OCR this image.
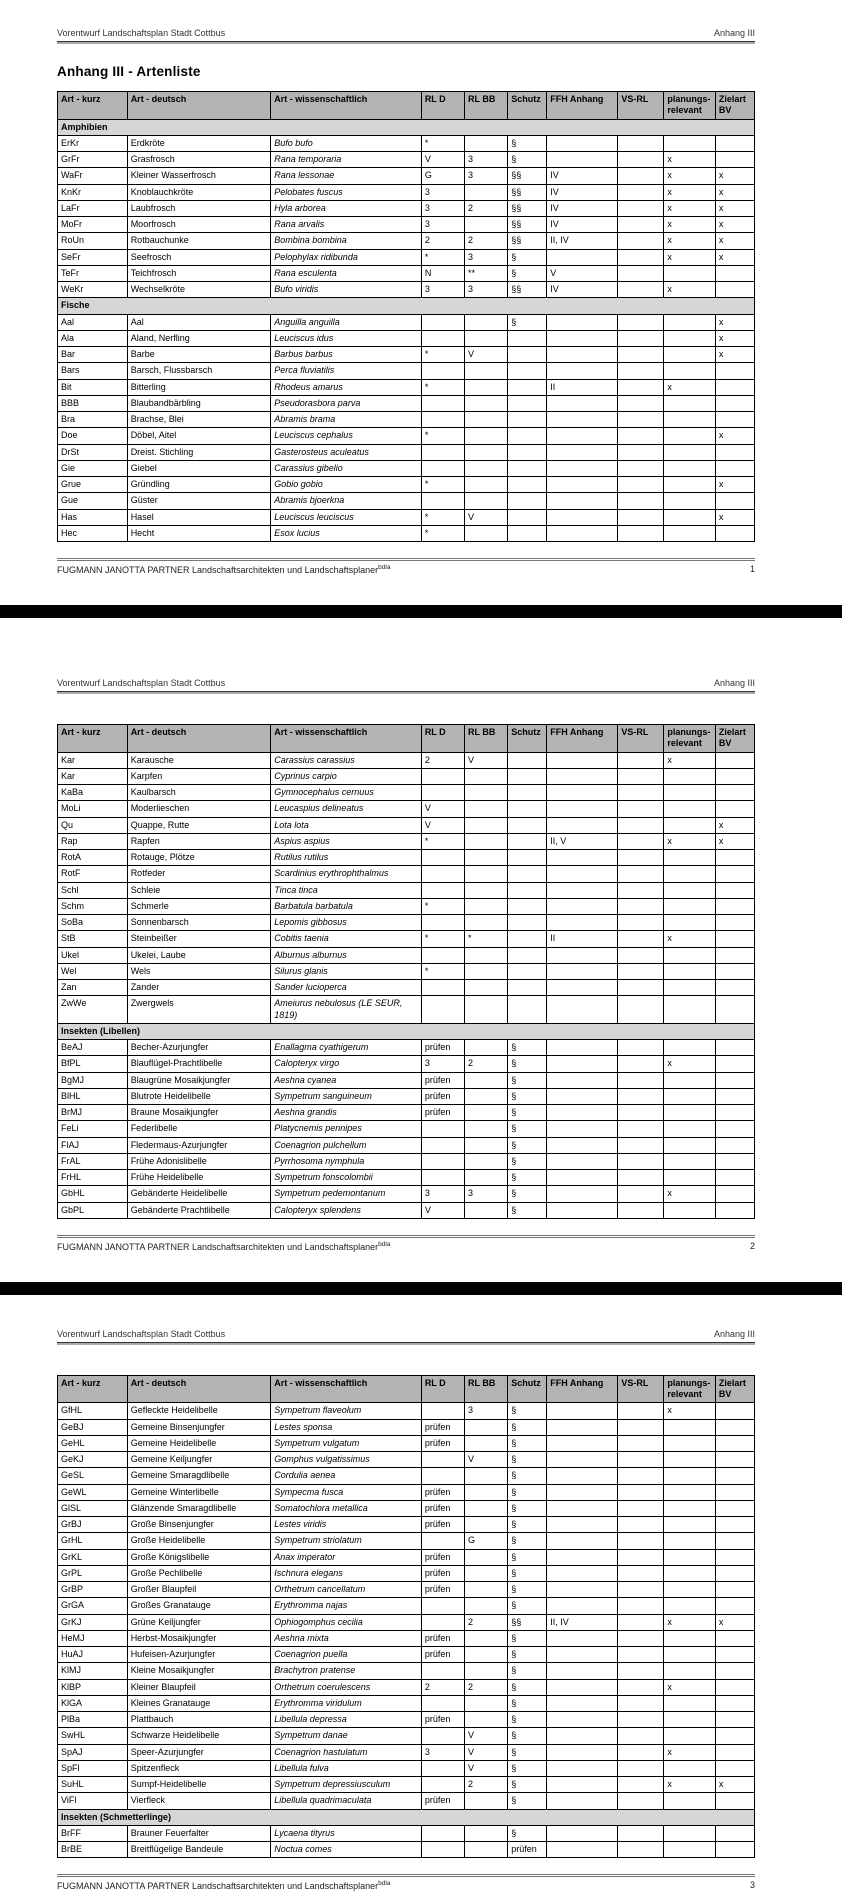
Vorentwurf Landschaftsplan Stadt Cottbus	Anhang III
Anhang III - Artenliste
Art - kurz	Art - deutsch	Art - wissenschaftlich	RL D	RL BB	Schutz	FFH Anhang	VS-RL	planungs-relevant	Zielart BV
Amphibien									
ErKr	Erdkröte	Bufo bufo	*		§				
GrFr	Grasfrosch	Rana temporaria	V	3	§			x	
WaFr	Kleiner Wasserfrosch	Rana lessonae	G	3	§§	IV		x	x
KnKr	Knoblauchkröte	Pelobates fuscus	3		§§	IV		x	x
LaFr	Laubfrosch	Hyla arborea	3	2	§§	IV		x	x
MoFr	Moorfrosch	Rana arvalis	3		§§	IV		x	x
RoUn	Rotbauchunke	Bombina bombina	2	2	§§	II, IV		x	x
SeFr	Seefrosch	Pelophylax ridibunda	*	3	§			x	x
TeFr	Teichfrosch	Rana esculenta	N	**	§	V			
WeKr	Wechselkröte	Bufo viridis	3	3	§§	IV		x	
Fische									
Aal	Aal	Anguilla anguilla			§				x
Ala	Aland, Nerfling	Leuciscus idus							x
Bar	Barbe	Barbus barbus	*	V					x
Bars	Barsch, Flussbarsch	Perca fluviatilis							
Bit	Bitterling	Rhodeus amarus	*			II		x	
BBB	Blaubandbärbling	Pseudorasbora parva							
Bra	Brachse, Blei	Abramis brama							
Doe	Döbel, Aitel	Leuciscus cephalus	*						x
DrSt	Dreist. Stichling	Gasterosteus aculeatus							
Gie	Giebel	Carassius gibelio							
Grue	Gründling	Gobio gobio	*						x
Gue	Güster	Abramis bjoerkna							
Has	Hasel	Leuciscus leuciscus	*	V					x
Hec	Hecht	Esox lucius	*						
FUGMANN JANOTTA PARTNER Landschaftsarchitekten und Landschaftsplaner$^{bdla}$	1
Vorentwurf Landschaftsplan Stadt Cottbus	Anhang III
Art - kurz	Art - deutsch	Art - wissenschaftlich	RL D	RL BB	Schutz	FFH Anhang	VS-RL	planungs-relevant	Zielart BV
Kar	Karausche	Carassius carassius	2	V				x	
Kar	Karpfen	Cyprinus carpio							
KaBa	Kaulbarsch	Gymnocephalus cernuus							
MoLi	Moderlieschen	Leucaspius delineatus	V						
Qu	Quappe, Rutte	Lota lota	V						x
Rap	Rapfen	Aspius aspius	*			II, V		x	x
RotA	Rotauge, Plötze	Rutilus rutilus							
RotF	Rotfeder	Scardinius erythrophthalmus							
Schl	Schleie	Tinca tinca							
Schm	Schmerle	Barbatula barbatula	*						
SoBa	Sonnenbarsch	Lepomis gibbosus							
StB	Steinbeißer	Cobitis taenia	*	*		II		x	
Ukel	Ukelei, Laube	Alburnus alburnus							
Wel	Wels	Silurus glanis	*						
Zan	Zander	Sander lucioperca							
ZwWe	Zwergwels	Ameiurus nebulosus (LE SEUR, 1819)							
Insekten (Libellen)									
BeAJ	Becher-Azurjungfer	Enallagma cyathigerum	prüfen		§				
BfPL	Blauflügel-Prachtlibelle	Calopteryx virgo	3	2	§			x	
BgMJ	Blaugrüne Mosaikjungfer	Aeshna cyanea	prüfen		§				
BlHL	Blutrote Heidelibelle	Sympetrum sanguineum	prüfen		§				
BrMJ	Braune Mosaikjungfer	Aeshna grandis	prüfen		§				
FeLi	Federlibelle	Platycnemis pennipes			§				
FlAJ	Fledermaus-Azurjungfer	Coenagrion pulchellum			§				
FrAL	Frühe Adonislibelle	Pyrrhosoma nymphula			§				
FrHL	Frühe Heidelibelle	Sympetrum fonscolombii			§				
GbHL	Gebänderte Heidelibelle	Sympetrum pedemontanum	3	3	§			x	
GbPL	Gebänderte Prachtlibelle	Calopteryx splendens	V		§				
FUGMANN JANOTTA PARTNER Landschaftsarchitekten und Landschaftsplaner$^{bdla}$	2
Vorentwurf Landschaftsplan Stadt Cottbus	Anhang III
Art - kurz	Art - deutsch	Art - wissenschaftlich	RL D	RL BB	Schutz	FFH Anhang	VS-RL	planungs-relevant	Zielart BV
GfHL	Gefleckte Heidelibelle	Sympetrum flaveolum		3	§			x	
GeBJ	Gemeine Binsenjungfer	Lestes sponsa	prüfen		§				
GeHL	Gemeine Heidelibelle	Sympetrum vulgatum	prüfen		§				
GeKJ	Gemeine Keiljungfer	Gomphus vulgatissimus		V	§				
GeSL	Gemeine Smaragdlibelle	Cordulia aenea			§				
GeWL	Gemeine Winterlibelle	Sympecma fusca	prüfen		§				
GlSL	Glänzende Smaragdlibelle	Somatochlora metallica	prüfen		§				
GrBJ	Große Binsenjungfer	Lestes viridis	prüfen		§				
GrHL	Große Heidelibelle	Sympetrum striolatum		G	§				
GrKL	Große Königslibelle	Anax imperator	prüfen		§				
GrPL	Große Pechlibelle	Ischnura elegans	prüfen		§				
GrBP	Großer Blaupfeil	Orthetrum cancellatum	prüfen		§				
GrGA	Großes Granatauge	Erythromma najas			§				
GrKJ	Grüne Keiljungfer	Ophiogomphus cecilia		2	§§	II, IV		x	x
HeMJ	Herbst-Mosaikjungfer	Aeshna mixta	prüfen		§				
HuAJ	Hufeisen-Azurjungfer	Coenagrion puella	prüfen		§				
KlMJ	Kleine Mosaikjungfer	Brachytron pratense			§				
KlBP	Kleiner Blaupfeil	Orthetrum coerulescens	2	2	§			x	
KlGA	Kleines Granatauge	Erythromma viridulum			§				
PlBa	Plattbauch	Libellula depressa	prüfen		§				
SwHL	Schwarze Heidelibelle	Sympetrum danae		V	§				
SpAJ	Speer-Azurjungfer	Coenagrion hastulatum	3	V	§			x	
SpFl	Spitzenfleck	Libellula fulva		V	§				
SuHL	Sumpf-Heidelibelle	Sympetrum depressiusculum		2	§			x	x
ViFl	Vierfleck	Libellula quadrimaculata	prüfen		§				
Insekten (Schmetterlinge)									
BrFF	Brauner Feuerfalter	Lycaena tityrus			§				
BrBE	Breitflügelige Bandeule	Noctua comes			prüfen				
FUGMANN JANOTTA PARTNER Landschaftsarchitekten und Landschaftsplaner$^{bdla}$	3
